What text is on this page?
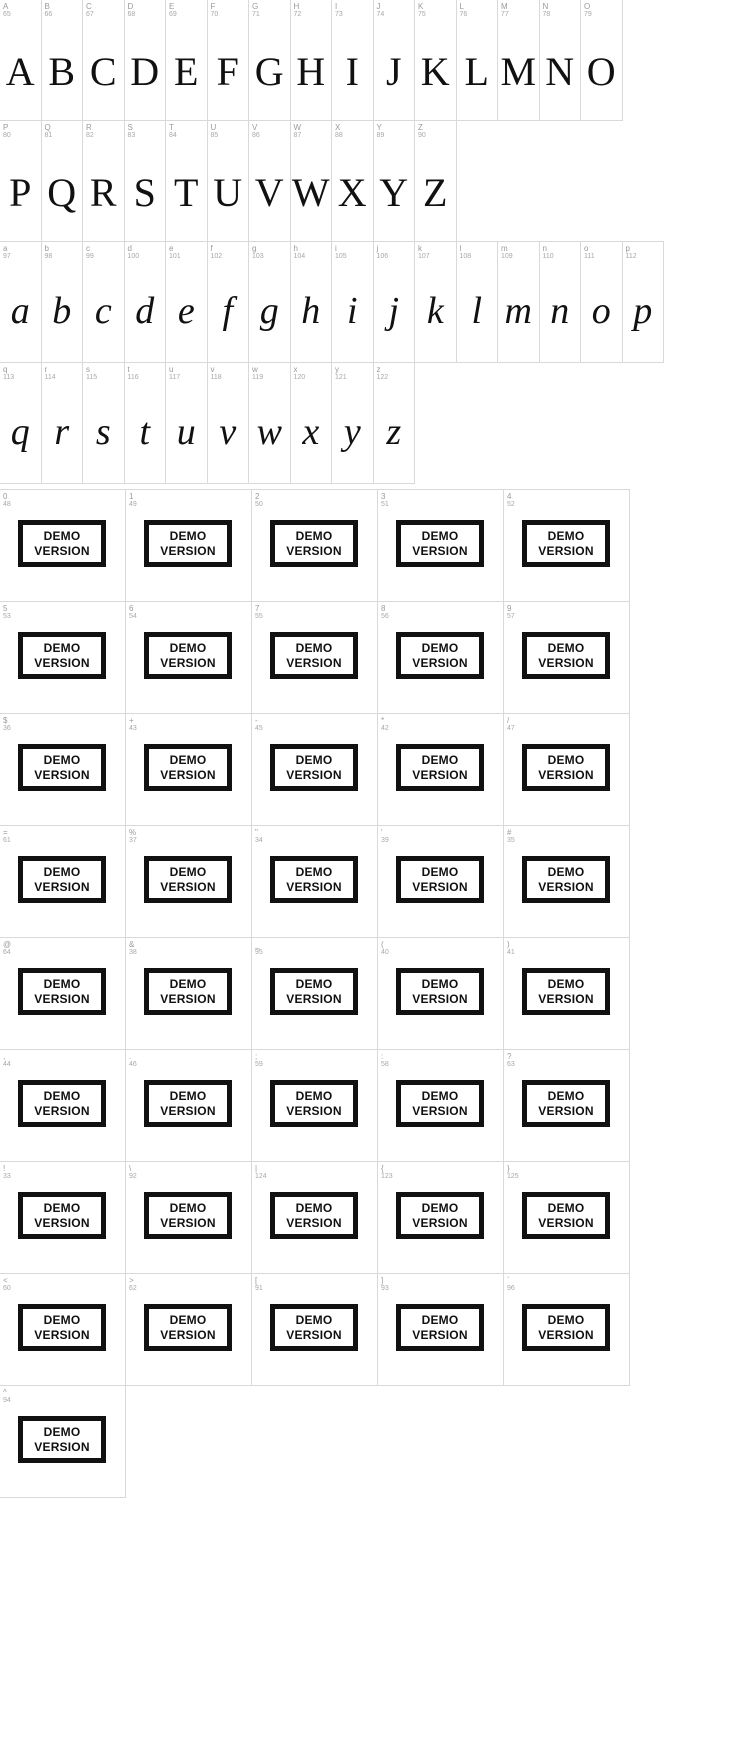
A
65
A
B
66
B
C
67
C
D
68
D
E
69
E
F
70
F
G
71
G
H
72
H
I
73
I
J
74
J
K
75
K
L
76
L
M
77
M
N
78
N
O
79
O
P
80
P
Q
81
Q
R
82
R
S
83
S
T
84
T
U
85
U
V
86
V
W
87
W
X
88
X
Y
89
Y
Z
90
Z
a
97
a
b
98
b
c
99
c
d
100
d
e
101
e
f
102
f
g
103
g
h
104
h
i
105
i
j
106
j
k
107
k
l
108
l
m
109
m
n
110
n
o
111
o
p
112
p
q
113
q
r
114
r
s
115
s
t
116
t
u
117
u
v
118
v
w
119
w
x
120
x
y
121
y
z
122
z
0
48
DEMO
VERSION
1
49
DEMO
VERSION
2
50
DEMO
VERSION
3
51
DEMO
VERSION
4
52
DEMO
VERSION
5
53
DEMO
VERSION
6
54
DEMO
VERSION
7
55
DEMO
VERSION
8
56
DEMO
VERSION
9
57
DEMO
VERSION
$
36
DEMO
VERSION
+
43
DEMO
VERSION
-
45
DEMO
VERSION
*
42
DEMO
VERSION
/
47
DEMO
VERSION
=
61
DEMO
VERSION
%
37
DEMO
VERSION
"
34
DEMO
VERSION
'
39
DEMO
VERSION
#
35
DEMO
VERSION
@
64
DEMO
VERSION
&
38
DEMO
VERSION
_
95
DEMO
VERSION
(
40
DEMO
VERSION
)
41
DEMO
VERSION
,
44
DEMO
VERSION
.
46
DEMO
VERSION
;
59
DEMO
VERSION
:
58
DEMO
VERSION
?
63
DEMO
VERSION
!
33
DEMO
VERSION
\
92
DEMO
VERSION
|
124
DEMO
VERSION
{
123
DEMO
VERSION
}
125
DEMO
VERSION
<
60
DEMO
VERSION
>
62
DEMO
VERSION
[
91
DEMO
VERSION
]
93
DEMO
VERSION
`
96
DEMO
VERSION
^
94
DEMO
VERSION
